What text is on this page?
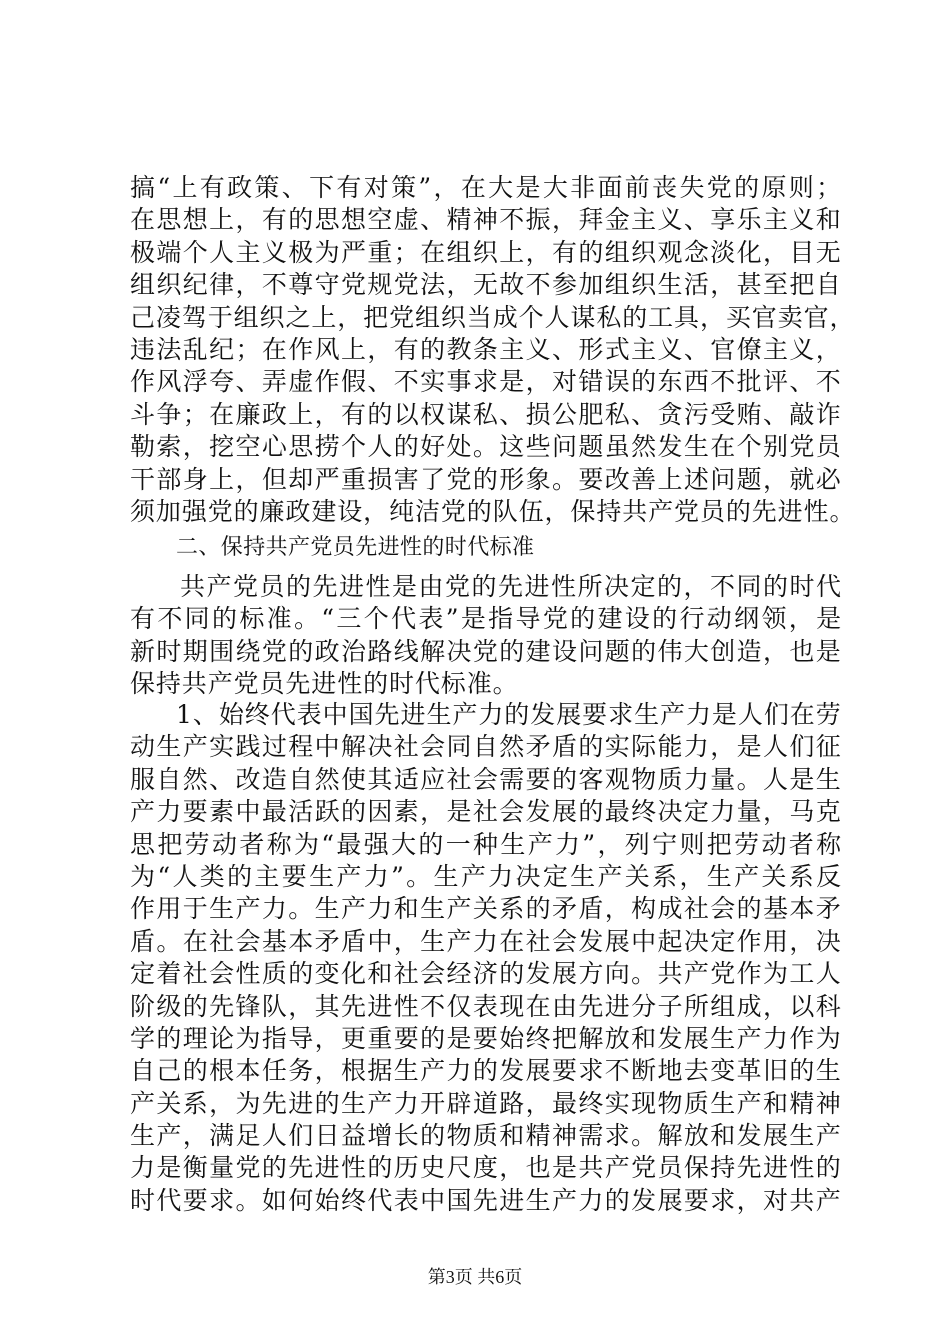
搞 “ 上 有 政 策 、 下 有 对 策 ” ， 在 大 是 大 非 面 前 丧 失 党 的 原 则 ；
在 思 想 上 ， 有 的 思 想 空 虚 、 精 神 不 振 ， 拜 金 主 义 、 享 乐 主 义 和
极 端 个 人 主 义 极 为 严 重 ； 在 组 织 上 ， 有 的 组 织 观 念 淡 化 ， 目 无
组 织 纪 律 ， 不 尊 守 党 规 党 法 ， 无 故 不 参 加 组 织 生 活 ， 甚 至 把 自
己 凌 驾 于 组 织 之 上 ， 把 党 组 织 当 成 个 人 谋 私 的 工 具 ， 买 官 卖 官 ，
违 法 乱 纪 ； 在 作 风 上 ， 有 的 教 条 主 义 、 形 式 主 义 、 官 僚 主 义 ，
作 风 浮 夸 、 弄 虚 作 假 、 不 实 事 求 是 ， 对 错 误 的 东 西 不 批 评 、 不
斗 争 ； 在 廉 政 上 ， 有 的 以 权 谋 私 、 损 公 肥 私 、 贪 污 受 贿 、 敲 诈
勒 索 ， 挖 空 心 思 捞 个 人 的 好 处 。 这 些 问 题 虽 然 发 生 在 个 别 党 员
干 部 身 上 ， 但 却 严 重 损 害 了 党 的 形 象 。 要 改 善 上 述 问 题 ， 就 必
须 加 强 党 的 廉 政 建 设 ， 纯 洁 党 的 队 伍 ， 保 持 共 产 党 员 的 先 进 性 。
二、保持共产党员先进性的时代标准
共 产 党 员 的 先 进 性 是 由 党 的 先 进 性 所 决 定 的 ， 不 同 的 时 代
有 不 同 的 标 准 。 “ 三 个 代 表 ” 是 指 导 党 的 建 设 的 行 动 纲 领 ， 是
新 时 期 围 绕 党 的 政 治 路 线 解 决 党 的 建 设 问 题 的 伟 大 创 造 ， 也 是
保持共产党员先进性的时代标准。
1 、 始 终 代 表 中 国 先 进 生 产 力 的 发 展 要 求 生 产 力 是 人 们 在 劳
动 生 产 实 践 过 程 中 解 决 社 会 同 自 然 矛 盾 的 实 际 能 力 ， 是 人 们 征
服 自 然 、 改 造 自 然 使 其 适 应 社 会 需 要 的 客 观 物 质 力 量 。 人 是 生
产 力 要 素 中 最 活 跃 的 因 素 ， 是 社 会 发 展 的 最 终 决 定 力 量 ， 马 克
思 把 劳 动 者 称 为 “ 最 强 大 的 一 种 生 产 力 ” ， 列 宁 则 把 劳 动 者 称
为 “ 人 类 的 主 要 生 产 力 ” 。 生 产 力 决 定 生 产 关 系 ， 生 产 关 系 反
作 用 于 生 产 力 。 生 产 力 和 生 产 关 系 的 矛 盾 ， 构 成 社 会 的 基 本 矛
盾 。 在 社 会 基 本 矛 盾 中 ， 生 产 力 在 社 会 发 展 中 起 决 定 作 用 ， 决
定 着 社 会 性 质 的 变 化 和 社 会 经 济 的 发 展 方 向 。 共 产 党 作 为 工 人
阶 级 的 先 锋 队 ， 其 先 进 性 不 仅 表 现 在 由 先 进 分 子 所 组 成 ， 以 科
学 的 理 论 为 指 导 ， 更 重 要 的 是 要 始 终 把 解 放 和 发 展 生 产 力 作 为
自 己 的 根 本 任 务 ， 根 据 生 产 力 的 发 展 要 求 不 断 地 去 变 革 旧 的 生
产 关 系 ， 为 先 进 的 生 产 力 开 辟 道 路 ， 最 终 实 现 物 质 生 产 和 精 神
生 产 ， 满 足 人 们 日 益 增 长 的 物 质 和 精 神 需 求 。 解 放 和 发 展 生 产
力 是 衡 量 党 的 先 进 性 的 历 史 尺 度 ， 也 是 共 产 党 员 保 持 先 进 性 的
时 代 要 求 。 如 何 始 终 代 表 中 国 先 进 生 产 力 的 发 展 要 求 ， 对 共 产
第3页 共6页
